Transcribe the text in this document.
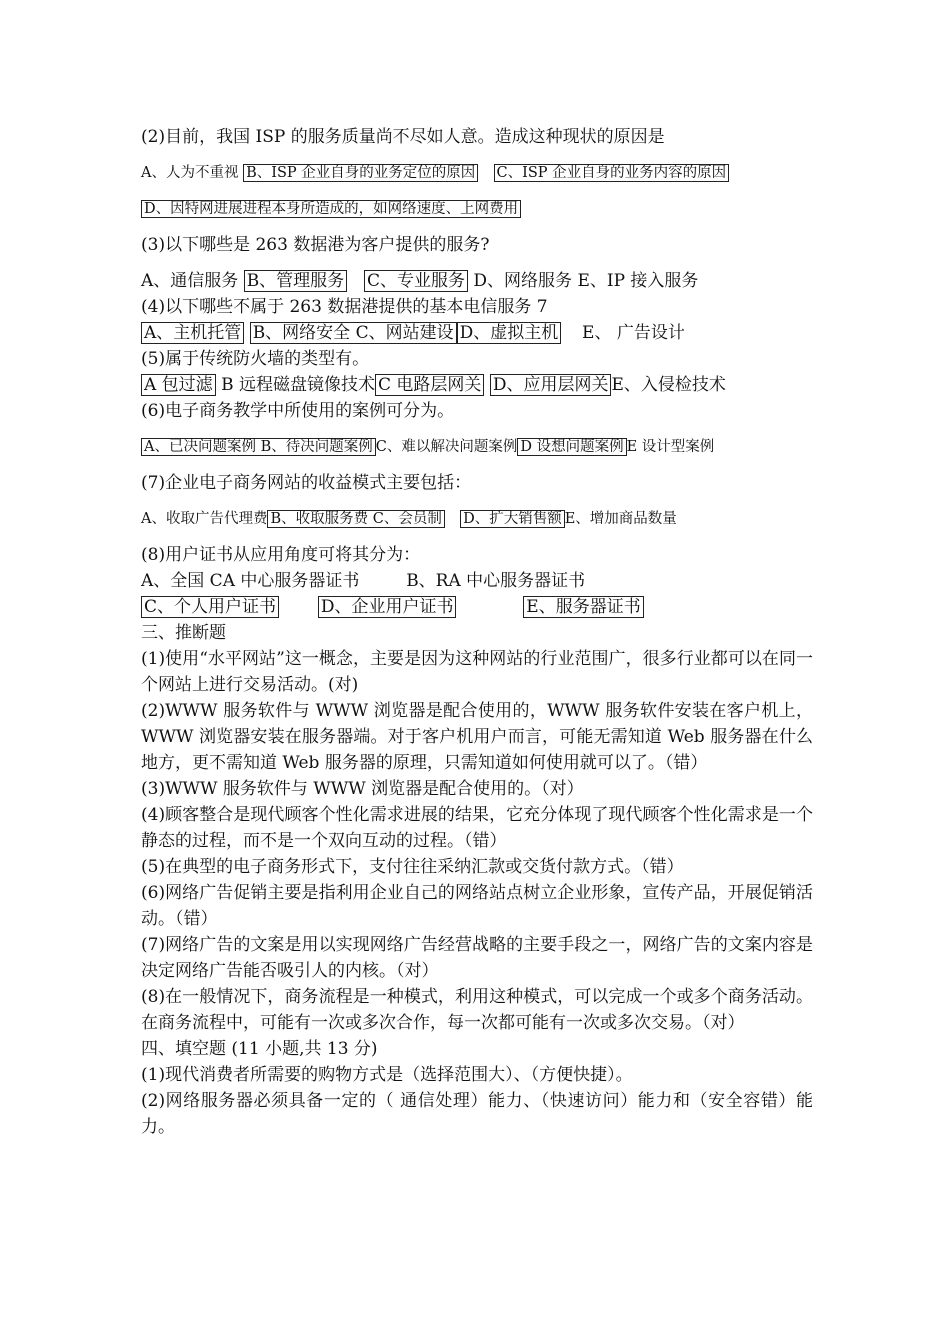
(2)目前，我国 ISP 的服务质量尚不尽如人意。造成这种现状的原因是
A、人为不重视 B、ISP 企业自身的业务定位的原因 C、ISP 企业自身的业务内容的原因
D、因特网进展进程本身所造成的，如网络速度、上网费用
(3)以下哪些是 263 数据港为客户提供的服务?
A、通信服务 B、管理服务 C、专业服务 D、网络服务 E、IP 接入服务
(4)以下哪些不属于 263 数据港提供的基本电信服务 7
A、主机托管 B、网络安全 C、网站建设 D、虚拟主机 E、 广告设计
(5)属于传统防火墙的类型有。
A 包过滤 B 远程磁盘镜像技术 C 电路层网关 D、应用层网关 E、入侵检技术
(6)电子商务教学中所使用的案例可分为。
A、已决问题案例 B、待决问题案例 C、难以解决问题案例 D 设想问题案例 E 设计型案例
(7)企业电子商务网站的收益模式主要包括：
A、收取广告代理费 B、收取服务费 C、会员制 D、扩大销售额 E、增加商品数量
(8)用户证书从应用角度可将其分为：
A、全国 CA 中心服务器证书	B、RA 中心服务器证书
C、个人用户证书	D、企业用户证书	E、服务器证书
三、推断题
(1)使用“水平网站”这一概念，主要是因为这种网站的行业范围广，很多行业都可以在同一个网站上进行交易活动。(对)
(2)WWW 服务软件与 WWW 浏览器是配合使用的，WWW 服务软件安装在客户机上，WWW 浏览器安装在服务器端。对于客户机用户而言，可能无需知道 Web 服务器在什么地方，更不需知道 Web 服务器的原理，只需知道如何使用就可以了。（错）
(3)WWW 服务软件与 WWW 浏览器是配合使用的。（对）
(4)顾客整合是现代顾客个性化需求进展的结果，它充分体现了现代顾客个性化需求是一个静态的过程，而不是一个双向互动的过程。（错）
(5)在典型的电子商务形式下，支付往往采纳汇款或交货付款方式。（错）
(6)网络广告促销主要是指利用企业自己的网络站点树立企业形象，宣传产品，开展促销活动。（错）
(7)网络广告的文案是用以实现网络广告经营战略的主要手段之一，网络广告的文案内容是决定网络广告能否吸引人的内核。（对）
(8)在一般情况下，商务流程是一种模式，利用这种模式，可以完成一个或多个商务活动。在商务流程中，可能有一次或多次合作，每一次都可能有一次或多次交易。（对）
四、填空题 (11 小题,共 13 分)
(1)现代消费者所需要的购物方式是（选择范围大）、（方便快捷）。
(2)网络服务器必须具备一定的（ 通信处理）能力、（快速访问）能力和（安全容错）能力。
